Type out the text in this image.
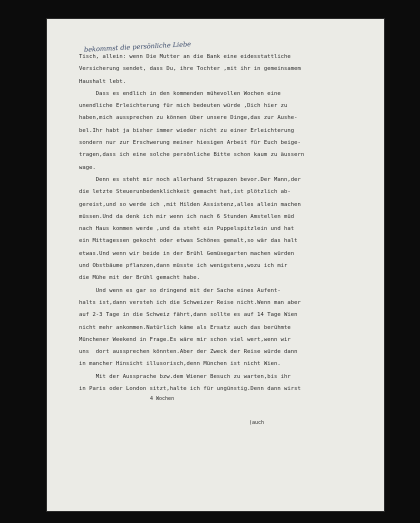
bekommst die persönliche Liebe
4 Wochen
(auch
Tisch, allein: wenn Die Mutter an die Bank eine eidesstattliche
Versicherung sendet, dass Du, ihre Tochter ,mit ihr in gemeinsamem
Haushalt lebt.
Dass es endlich in den kommenden mühevollen Wochen eine
unendliche Erleichterung für mich bedeuten würde ,Dich hier zu
haben,mich aussprechen zu können über unsere Dinge,das zur Aushe-
bel.Ihr habt ja bisher immer wieder nicht zu einer Erleichterung
sondern nur zur Erschwerung meiner hiesigen Arbeit für Euch beige-
tragen,dass ich eine solche persönliche Bitte schon kaum zu äussern
wage.
Denn es steht mir noch allerhand Strapazen bevor.Der Mann,der
die letzte Steuerunbedenklichkeit gemacht hat,ist plötzlich ab-
gereist,und so werde ich ,mit Hilden Assistenz,alles allein machen
müssen.Und da denk ich mir wenn ich nach 6 Stunden Amstellen müd
nach Haus kommen werde ,und da steht ein Puppelspitzlein und hat
ein Mittagessen gekocht oder etwas Schönes gemalt,so wär das halt
etwas.Und wenn wir beide in der Brühl Gemüsegarten machen würden
und Obstbäume pflanzen,dann müsste ich wenigstens,wozu ich mir
die Mühe mit der Brühl gemacht habe.
Und wenn es gar so dringend mit der Sache eines Aufent-
halts ist,dann versteh ich die Schweizer Reise nicht.Wenn man aber
auf 2-3 Tage in die Schweiz fährt,dann sollte es auf 14 Tage Wien
nicht mehr ankommen.Natürlich käme als Ersatz auch das berühmte
Münchener Weekend in Frage.Es wäre mir schon viel wert,wenn wir
uns  dort aussprechen könnten.Aber der Zweck der Reise würde dann
in mancher Hinsicht illusorisch,denn München ist nicht Wien.
Mit der Aussprache bzw.dem Wiener Besuch zu warten,bis ihr
in Paris oder London sitzt,halte ich für ungünstig.Denn dann wirst
